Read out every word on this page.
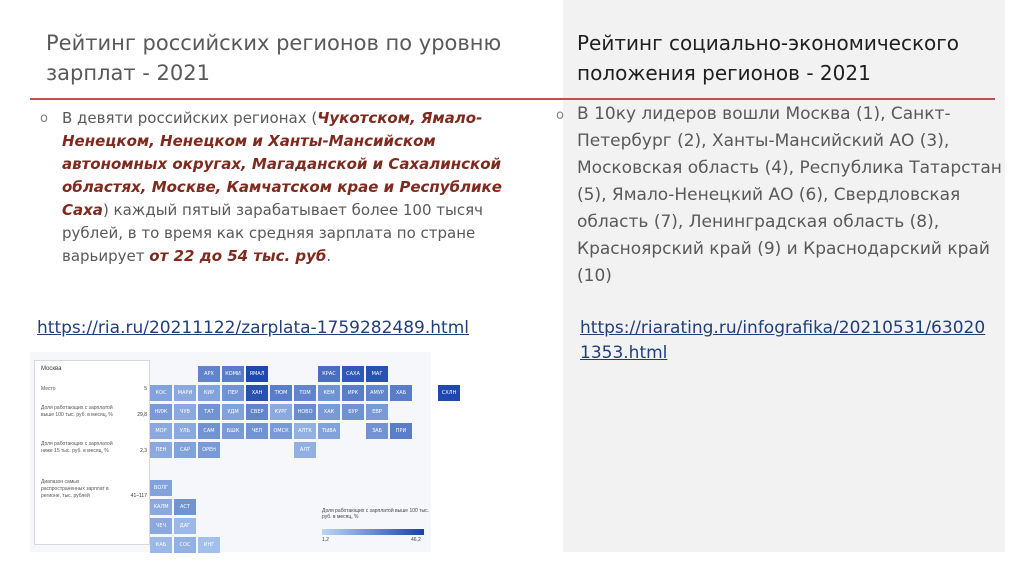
Рейтинг российских регионов по уровню зарплат - 2021
Рейтинг социально-экономического положения регионов - 2021
o В девяти российских регионах (Чукотском, Ямало-Ненецком, Ненецком и Ханты-Мансийском автономных округах, Магаданской и Сахалинской областях, Москве, Камчатском крае и Республике Саха) каждый пятый зарабатывает более 100 тысяч рублей, в то время как средняя зарплата по стране варьирует от 22 до 54 тыс. руб.
o В 10ку лидеров вошли Москва (1), Санкт-Петербург (2), Ханты-Мансийский АО (3), Московская область (4), Республика Татарстан (5), Ямало-Ненецкий АО (6), Свердловская область (7), Ленинградская область (8), Красноярский край (9) и Краснодарский край (10)
https://ria.ru/20211122/zarplata-1759282489.html	https://riarating.ru/infografika/20210531/630201353.html
ИНГ
СОС
КАБ
ДАГ
ЧЕЧ
АСТ
КАЛМ
ВОЛГ
АЛТ
ОРЕН
САР
ПЕН
ПРИ
ЗАБ
ТЫВА
АЛТК
ОМСК
ЧЕЛ
БШК
САМ
УЛЬ
МОР
ЕВР
БУР
ХАК
НОВО
КУРГ
СВЕР
УДМ
ТАТ
ЧУВ
НИЖ
СХЛН
ХАБ
АМУР
ИРК
КЕМ
ТОМ
ТЮМ
ХАН
ПЕР
КИР
МАРИ
КОС
МАГ
САХА
КРАС
ЯМАЛ
КОМИ
АРХ
Москва
Место	5
Доля работающих с зарплатой выше 100 тыс. руб. в месяц, %	29,8
Доля работающих с зарплатой ниже 15 тыс. руб. в месяц, %	2,3
Диапазон самых распространенных зарплат в регионе, тыс. рублей	41–117
Доля работающих с зарплатой выше 100 тыс. руб. в месяц, %
1,2	46,2
